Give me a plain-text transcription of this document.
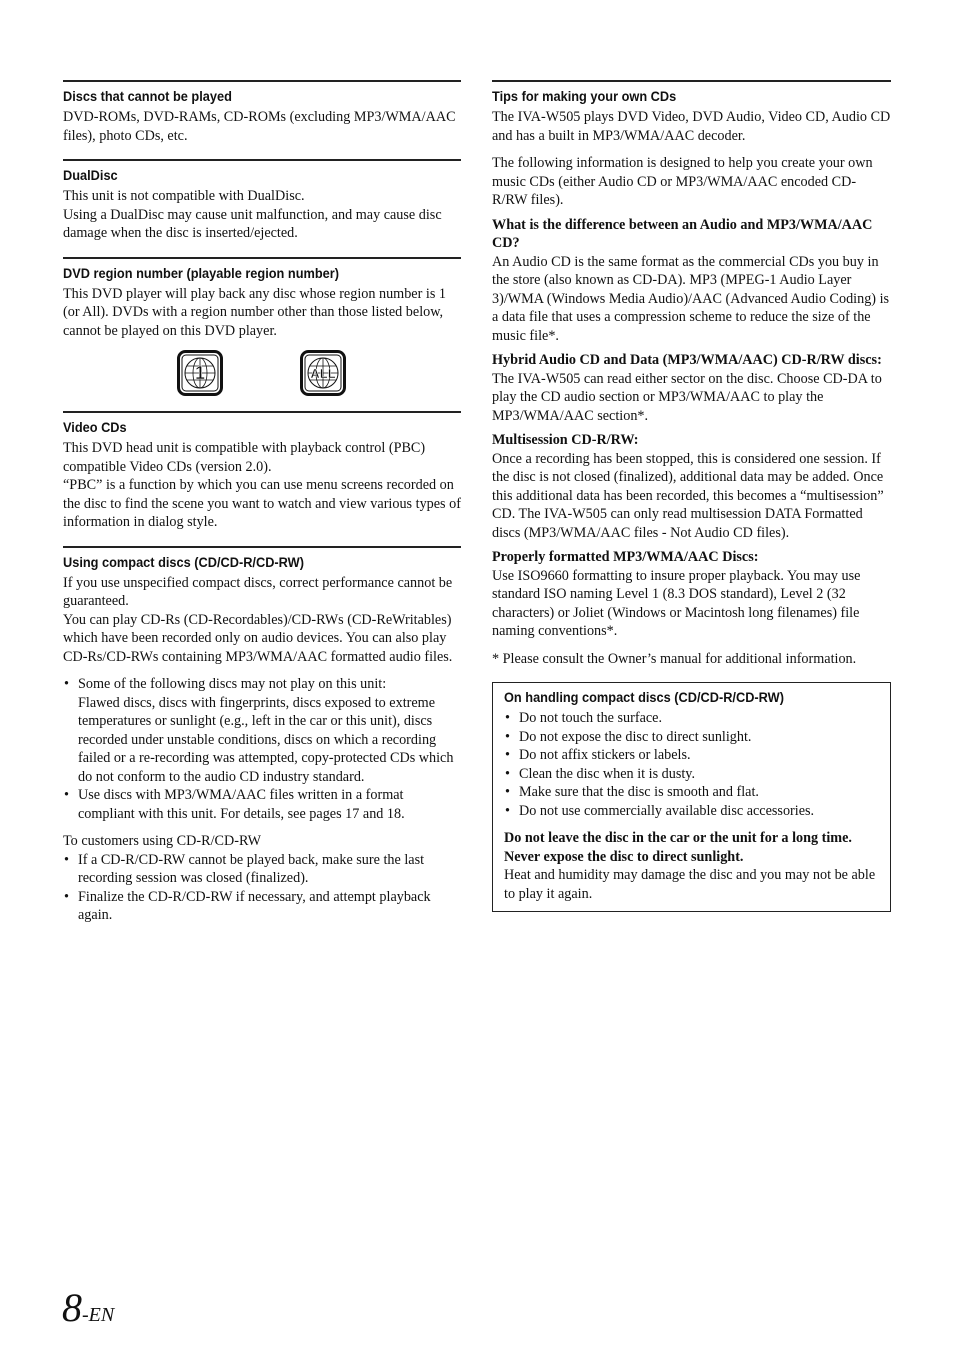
Discs that cannot be played

DVD-ROMs, DVD-RAMs, CD-ROMs (excluding MP3/WMA/AAC files), photo CDs, etc.

DualDisc

This unit is not compatible with DualDisc.

Using a DualDisc may cause unit malfunction, and may cause disc damage when the disc is inserted/ejected.

DVD region number (playable region number)

This DVD player will play back any disc whose region number is 1 (or All). DVDs with a region number other than those listed below, cannot be played on this DVD player.

1	ALL
Video CDs

This DVD head unit is compatible with playback control (PBC) compatible Video CDs (version 2.0).

“PBC” is a function by which you can use menu screens recorded on the disc to find the scene you want to watch and view various types of information in dialog style.

Using compact discs (CD/CD-R/CD-RW)

If you use unspecified compact discs, correct performance cannot be guaranteed.

You can play CD-Rs (CD-Recordables)/CD-RWs (CD-ReWritables) which have been recorded only on audio devices. You can also play CD-Rs/CD-RWs containing MP3/WMA/AAC formatted audio files.

• Some of the following discs may not play on this unit:
Flawed discs, discs with fingerprints, discs exposed to extreme temperatures or sunlight (e.g., left in the car or this unit), discs recorded under unstable conditions, discs on which a recording failed or a re-recording was attempted, copy-protected CDs which do not conform to the audio CD industry standard.
• Use discs with MP3/WMA/AAC files written in a format compliant with this unit. For details, see pages 17 and 18.

To customers using CD-R/CD-RW

• If a CD-R/CD-RW cannot be played back, make sure the last recording session was closed (finalized).
• Finalize the CD-R/CD-RW if necessary, and attempt playback again.
Tips for making your own CDs

The IVA-W505 plays DVD Video, DVD Audio, Video CD, Audio CD and has a built in MP3/WMA/AAC decoder.

The following information is designed to help you create your own music CDs (either Audio CD or MP3/WMA/AAC encoded CD-R/RW files).

What is the difference between an Audio and MP3/WMA/AAC CD?

An Audio CD is the same format as the commercial CDs you buy in the store (also known as CD-DA). MP3 (MPEG-1 Audio Layer 3)/WMA (Windows Media Audio)/AAC (Advanced Audio Coding) is a data file that uses a compression scheme to reduce the size of the music file*.

Hybrid Audio CD and Data (MP3/WMA/AAC) CD-R/RW discs:

The IVA-W505 can read either sector on the disc. Choose CD-DA to play the CD audio section or MP3/WMA/AAC to play the MP3/WMA/AAC section*.

Multisession CD-R/RW:

Once a recording has been stopped, this is considered one session. If the disc is not closed (finalized), additional data may be added. Once this additional data has been recorded, this becomes a “multisession” CD. The IVA-W505 can only read multisession DATA Formatted discs (MP3/WMA/AAC files - Not Audio CD files).

Properly formatted MP3/WMA/AAC Discs:

Use ISO9660 formatting to insure proper playback. You may use standard ISO naming Level 1 (8.3 DOS standard), Level 2 (32 characters) or Joliet (Windows or Macintosh long filenames) file naming conventions*.

* Please consult the Owner’s manual for additional information.

On handling compact discs (CD/CD-R/CD-RW)
• Do not touch the surface.
• Do not expose the disc to direct sunlight.
• Do not affix stickers or labels.
• Clean the disc when it is dusty.
• Make sure that the disc is smooth and flat.
• Do not use commercially available disc accessories.

Do not leave the disc in the car or the unit for a long time.

Never expose the disc to direct sunlight.

Heat and humidity may damage the disc and you may not be able to play it again.

8-EN
